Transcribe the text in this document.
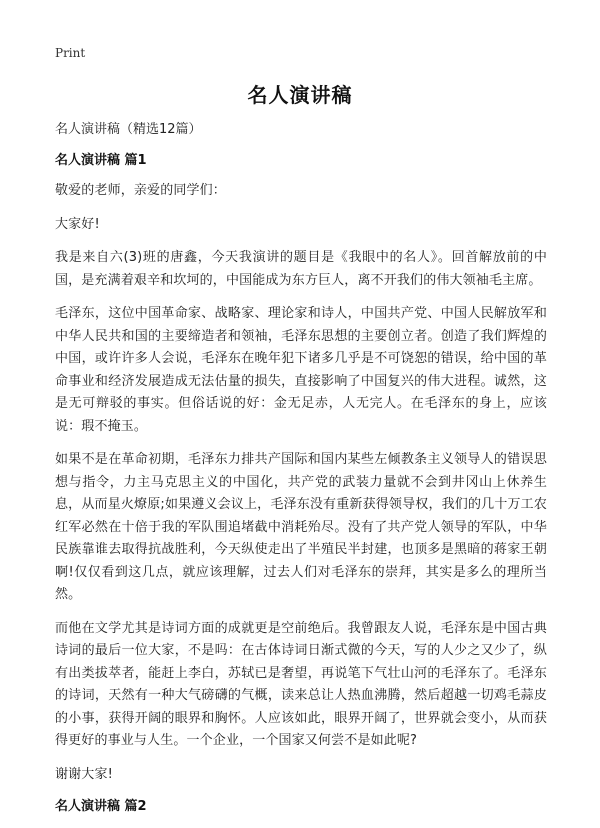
Print
名人演讲稿

名人演讲稿（精选12篇）

名人演讲稿 篇1

敬爱的老师，亲爱的同学们：

大家好!

我是来自六(3)班的唐鑫，今天我演讲的题目是《我眼中的名人》。回首解放前的中国，是充满着艰辛和坎坷的，中国能成为东方巨人，离不开我们的伟大领袖毛主席。

毛泽东，这位中国革命家、战略家、理论家和诗人，中国共产党、中国人民解放军和中华人民共和国的主要缔造者和领袖，毛泽东思想的主要创立者。创造了我们辉煌的中国，或许许多人会说，毛泽东在晚年犯下诸多几乎是不可饶恕的错误，给中国的革命事业和经济发展造成无法估量的损失，直接影响了中国复兴的伟大进程。诚然，这是无可辩驳的事实。但俗话说的好：金无足赤，人无完人。在毛泽东的身上，应该说：瑕不掩玉。

如果不是在革命初期，毛泽东力排共产国际和国内某些左倾教条主义领导人的错误思想与指令，力主马克思主义的中国化，共产党的武装力量就不会到井冈山上休养生息，从而星火燎原;如果遵义会议上，毛泽东没有重新获得领导权，我们的几十万工农红军必然在十倍于我的军队围追堵截中消耗殆尽。没有了共产党人领导的军队，中华民族靠谁去取得抗战胜利，今天纵使走出了半殖民半封建，也顶多是黑暗的蒋家王朝啊!仅仅看到这几点，就应该理解，过去人们对毛泽东的崇拜，其实是多么的理所当然。

而他在文学尤其是诗词方面的成就更是空前绝后。我曾跟友人说，毛泽东是中国古典诗词的最后一位大家，不是吗：在古体诗词日渐式微的今天，写的人少之又少了，纵有出类拔萃者，能赶上李白，苏轼已是奢望，再说笔下气壮山河的毛泽东了。毛泽东的诗词，天然有一种大气磅礴的气概，读来总让人热血沸腾，然后超越一切鸡毛蒜皮的小事，获得开阔的眼界和胸怀。人应该如此，眼界开阔了，世界就会变小，从而获得更好的事业与人生。一个企业，一个国家又何尝不是如此呢?

谢谢大家!

名人演讲稿 篇2
